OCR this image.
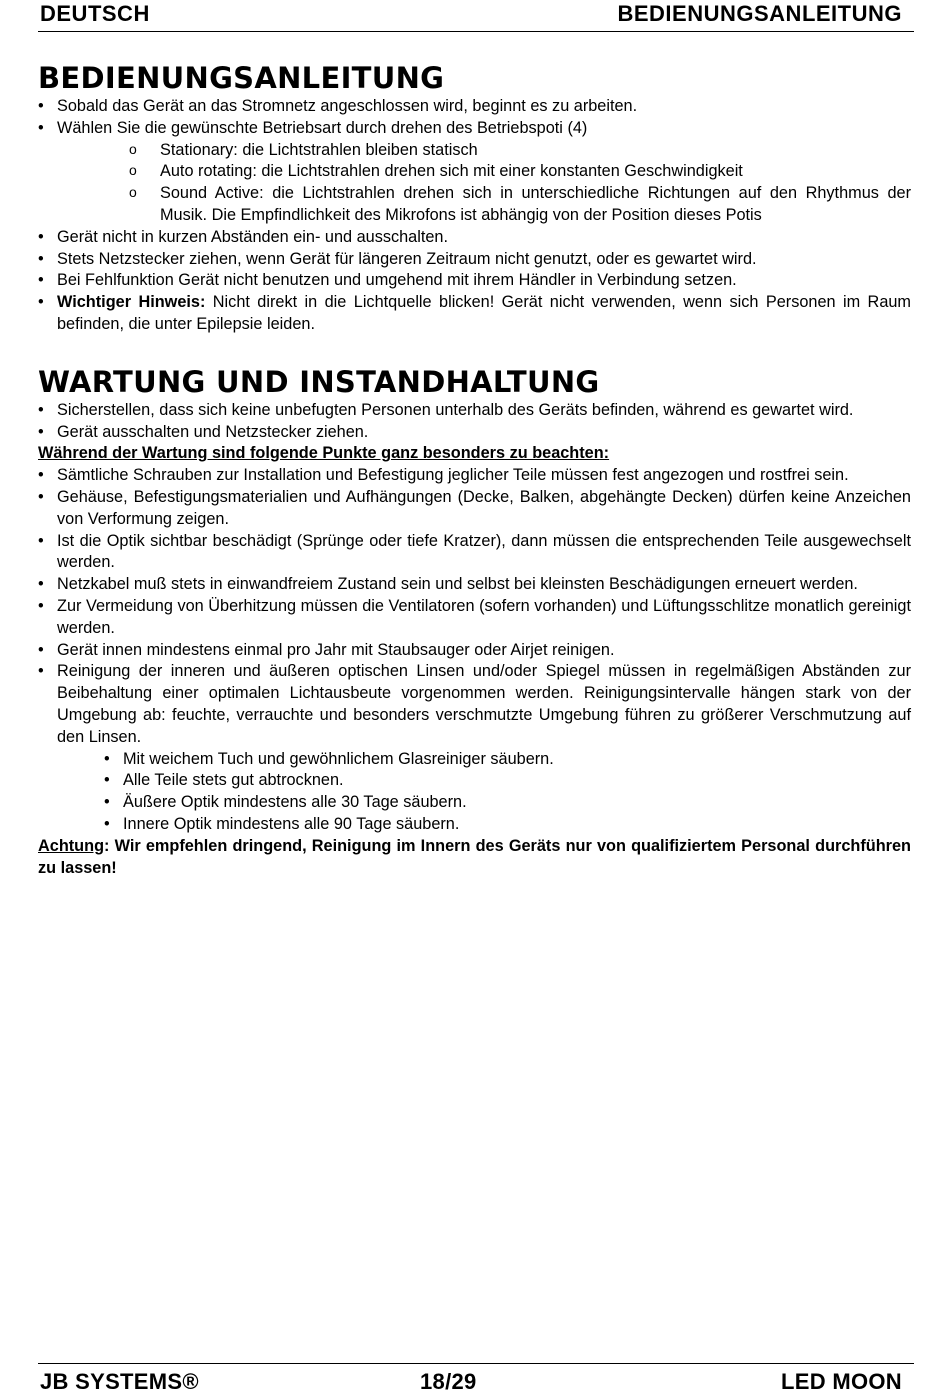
DEUTSCH	BEDIENUNGSANLEITUNG
BEDIENUNGSANLEITUNG
• Sobald das Gerät an das Stromnetz angeschlossen wird, beginnt es zu arbeiten.
• Wählen Sie die gewünschte Betriebsart durch drehen des Betriebspoti (4)
o Stationary: die Lichtstrahlen bleiben statisch
o Auto rotating: die Lichtstrahlen drehen sich mit einer konstanten Geschwindigkeit
o Sound Active: die Lichtstrahlen drehen sich in unterschiedliche Richtungen auf den Rhythmus der Musik. Die Empfindlichkeit des Mikrofons ist abhängig von der Position dieses Potis
• Gerät nicht in kurzen Abständen ein- und ausschalten.
• Stets Netzstecker ziehen, wenn Gerät für längeren Zeitraum nicht genutzt, oder es gewartet wird.
• Bei Fehlfunktion Gerät nicht benutzen und umgehend mit ihrem Händler in Verbindung setzen.
• Wichtiger Hinweis: Nicht direkt in die Lichtquelle blicken! Gerät nicht verwenden, wenn sich Personen im Raum befinden, die unter Epilepsie leiden.
WARTUNG UND INSTANDHALTUNG
• Sicherstellen, dass sich keine unbefugten Personen unterhalb des Geräts befinden, während es gewartet wird.
• Gerät ausschalten und Netzstecker ziehen.

Während der Wartung sind folgende Punkte ganz besonders zu beachten:

• Sämtliche Schrauben zur Installation und Befestigung jeglicher Teile müssen fest angezogen und rostfrei sein.
• Gehäuse, Befestigungsmaterialien und Aufhängungen (Decke, Balken, abgehängte Decken) dürfen keine Anzeichen von Verformung zeigen.
• Ist die Optik sichtbar beschädigt (Sprünge oder tiefe Kratzer), dann müssen die entsprechenden Teile ausgewechselt werden.
• Netzkabel muß stets in einwandfreiem Zustand sein und selbst bei kleinsten Beschädigungen erneuert werden.
• Zur Vermeidung von Überhitzung müssen die Ventilatoren (sofern vorhanden) und Lüftungsschlitze monatlich gereinigt werden.
• Gerät innen mindestens einmal pro Jahr mit Staubsauger oder Airjet reinigen.
• Reinigung der inneren und äußeren optischen Linsen und/oder Spiegel müssen in regelmäßigen Abständen zur Beibehaltung einer optimalen Lichtausbeute vorgenommen werden. Reinigungsintervalle hängen stark von der Umgebung ab: feuchte, verrauchte und besonders verschmutzte Umgebung führen zu größerer Verschmutzung auf den Linsen.
• Mit weichem Tuch und gewöhnlichem Glasreiniger säubern.
• Alle Teile stets gut abtrocknen.
• Äußere Optik mindestens alle 30 Tage säubern.
• Innere Optik mindestens alle 90 Tage säubern.

Achtung: Wir empfehlen dringend, Reinigung im Innern des Geräts nur von qualifiziertem Personal durchführen zu lassen!

JB SYSTEMS®	18/29	LED MOON
